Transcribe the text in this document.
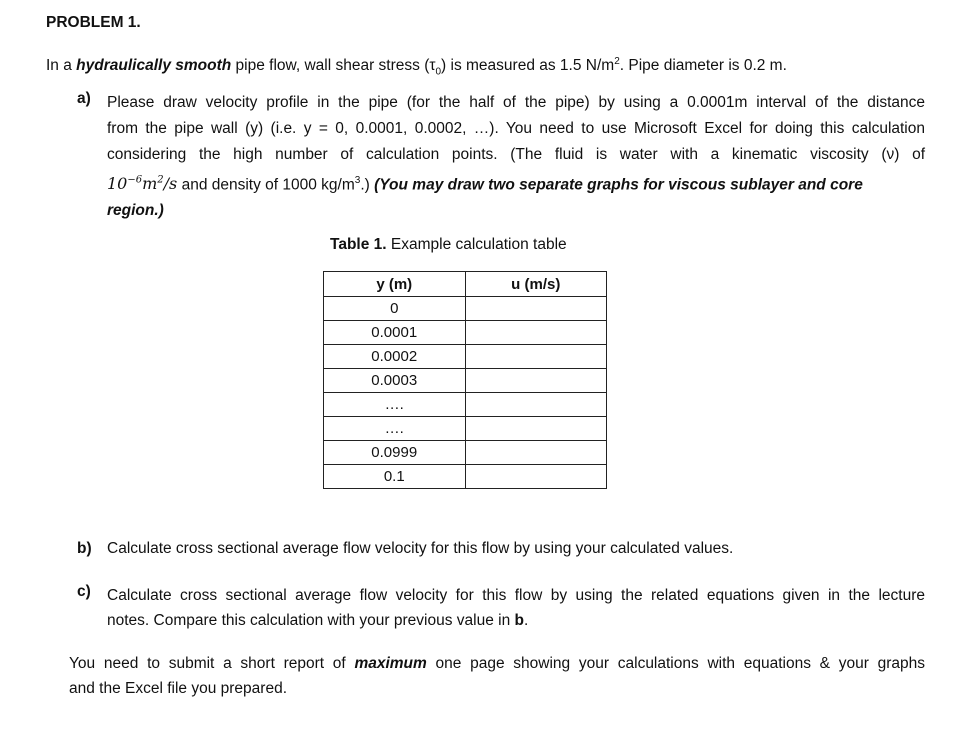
PROBLEM 1.
In a hydraulically smooth pipe flow, wall shear stress $(\tau_0)$ is measured as 1.5 $N/m^2$. Pipe diameter is 0.2 m.
a) Please draw velocity profile in the pipe (for the half of the pipe) by using a 0.0001m interval of the distance
from the pipe wall (y) (i.e. y = 0, 0.0001, 0.0002, …). You need to use Microsoft Excel for doing this calculation
considering the high number of calculation points. (The fluid is water with a kinematic viscosity (ν) of
$10^{-6}m^2/s$ and density of 1000 $kg/m^3$.) (You may draw two separate graphs for viscous sublayer and core
region.)
Table 1. Example calculation table
y (m)	u (m/s)
0	
0.0001	
0.0002	
0.0003	
….	
….	
0.0999	
0.1	
b) Calculate cross sectional average flow velocity for this flow by using your calculated values.
c) Calculate cross sectional average flow velocity for this flow by using the related equations given in the lecture
notes. Compare this calculation with your previous value in b.
You need to submit a short report of maximum one page showing your calculations with equations & your graphs
and the Excel file you prepared.
